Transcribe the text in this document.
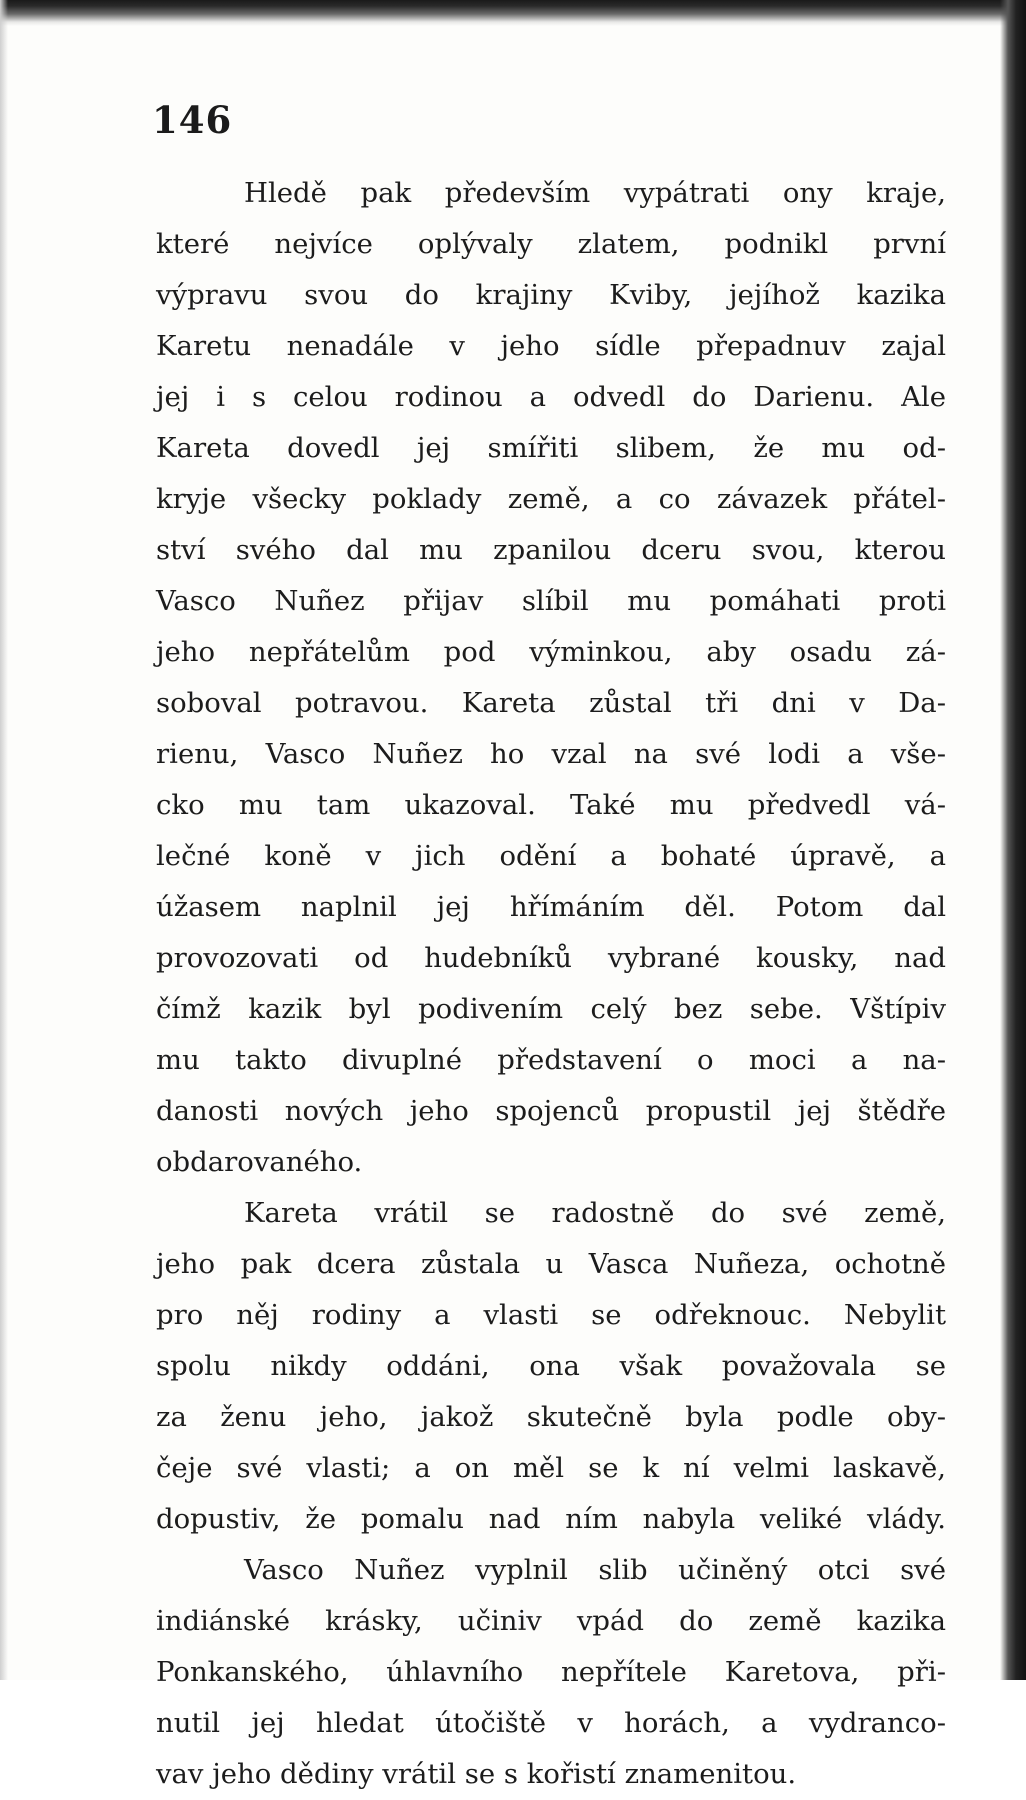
146
Hledě pak především vypátrati ony kraje,
které nejvíce oplývaly zlatem, podnikl první
výpravu svou do krajiny Kviby, jejíhož kazika
Karetu nenadále v jeho sídle přepadnuv zajal
jej i s celou rodinou a odvedl do Darienu. Ale
Kareta dovedl jej smířiti slibem, že mu od-
kryje všecky poklady země, a co závazek přátel-
ství svého dal mu zpanilou dceru svou, kterou
Vasco Nuñez přijav slíbil mu pomáhati proti
jeho nepřátelům pod výminkou, aby osadu zá-
soboval potravou. Kareta zůstal tři dni v Da-
rienu, Vasco Nuñez ho vzal na své lodi a vše-
cko mu tam ukazoval. Také mu předvedl vá-
lečné koně v jich odění a bohaté úpravě, a
úžasem naplnil jej hřímáním děl. Potom dal
provozovati od hudebníků vybrané kousky, nad
čímž kazik byl podivením celý bez sebe. Vštípiv
mu takto divuplné představení o moci a na-
danosti nových jeho spojenců propustil jej štědře
obdarovaného.
Kareta vrátil se radostně do své země,
jeho pak dcera zůstala u Vasca Nuñeza, ochotně
pro něj rodiny a vlasti se odřeknouc. Nebylit
spolu nikdy oddáni, ona však považovala se
za ženu jeho, jakož skutečně byla podle oby-
čeje své vlasti; a on měl se k ní velmi laskavě,
dopustiv, že pomalu nad ním nabyla veliké vlády.
Vasco Nuñez vyplnil slib učiněný otci své
indiánské krásky, učiniv vpád do země kazika
Ponkanského, úhlavního nepřítele Karetova, při-
nutil jej hledat útočiště v horách, a vydranco-
vav jeho dědiny vrátil se s kořistí znamenitou.
